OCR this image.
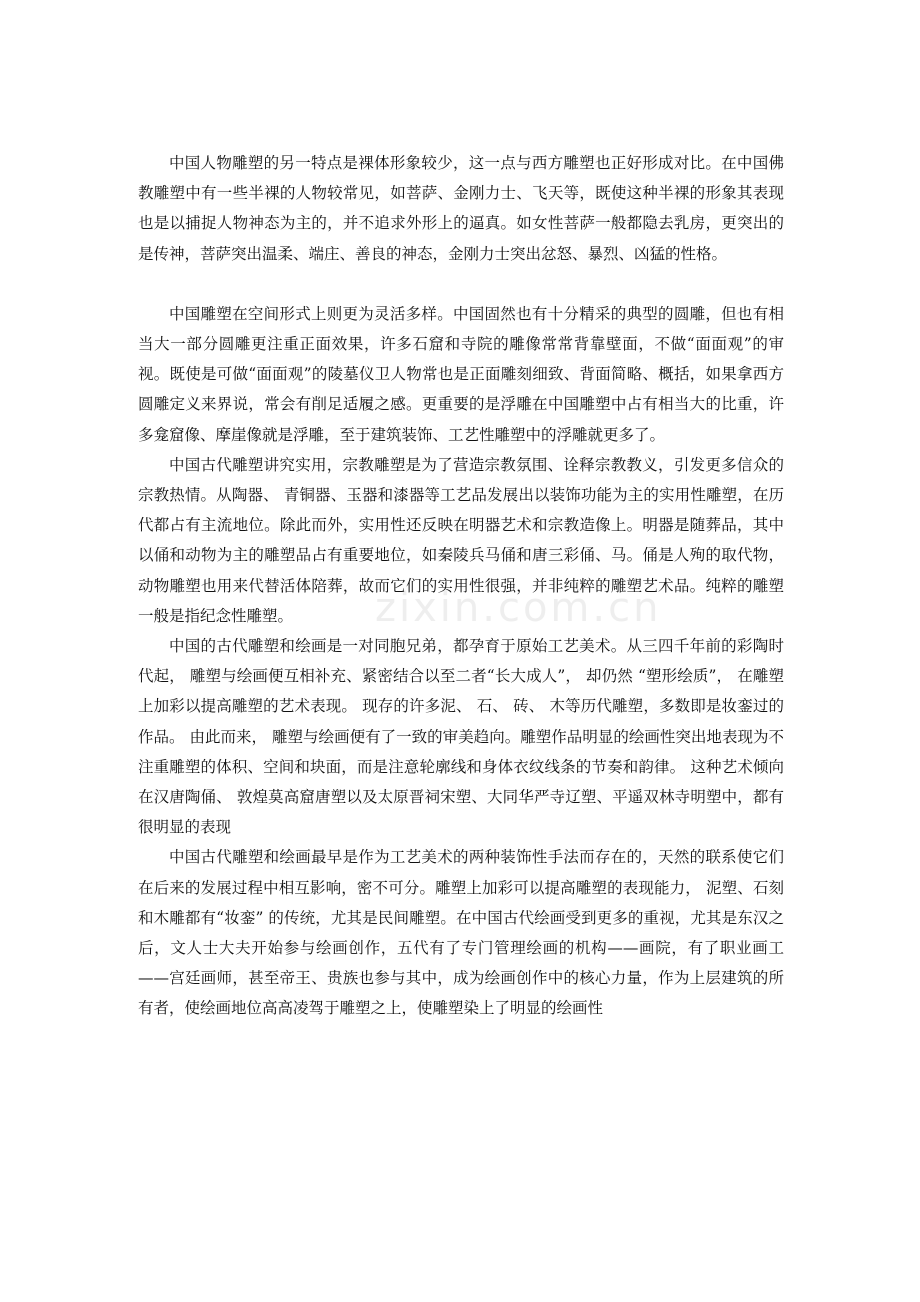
中国人物雕塑的另一特点是裸体形象较少，这一点与西方雕塑也正好形成对比。在中国佛教雕塑中有一些半裸的人物较常见，如菩萨、金刚力士、飞天等，既使这种半裸的形象其表现也是以捕捉人物神态为主的，并不追求外形上的逼真。如女性菩萨一般都隐去乳房，更突出的是传神，菩萨突出温柔、端庄、善良的神态，金刚力士突出忿怒、暴烈、凶猛的性格。

中国雕塑在空间形式上则更为灵活多样。中国固然也有十分精采的典型的圆雕，但也有相当大一部分圆雕更注重正面效果，许多石窟和寺院的雕像常常背靠壁面，不做“面面观”的审视。既使是可做“面面观”的陵墓仪卫人物常也是正面雕刻细致、背面简略、概括，如果拿西方圆雕定义来界说，常会有削足适履之感。更重要的是浮雕在中国雕塑中占有相当大的比重，许多龛窟像、摩崖像就是浮雕，至于建筑装饰、工艺性雕塑中的浮雕就更多了。

中国古代雕塑讲究实用，宗教雕塑是为了营造宗教氛围、诠释宗教教义，引发更多信众的宗教热情。从陶器、 青铜器、玉器和漆器等工艺品发展出以装饰功能为主的实用性雕塑，在历代都占有主流地位。除此而外，实用性还反映在明器艺术和宗教造像上。明器是随葬品，其中以俑和动物为主的雕塑品占有重要地位，如秦陵兵马俑和唐三彩俑、马。俑是人殉的取代物，动物雕塑也用来代替活体陪葬，故而它们的实用性很强，并非纯粹的雕塑艺术品。纯粹的雕塑一般是指纪念性雕塑。

中国的古代雕塑和绘画是一对同胞兄弟，都孕育于原始工艺美术。从三四千年前的彩陶时代起， 雕塑与绘画便互相补充、紧密结合以至二者“长大成人”， 却仍然 “塑形绘质”， 在雕塑上加彩以提高雕塑的艺术表现。 现存的许多泥、 石、 砖、 木等历代雕塑，多数即是妆銮过的作品。 由此而来， 雕塑与绘画便有了一致的审美趋向。雕塑作品明显的绘画性突出地表现为不注重雕塑的体积、空间和块面，而是注意轮廓线和身体衣纹线条的节奏和韵律。 这种艺术倾向在汉唐陶俑、 敦煌莫高窟唐塑以及太原晋祠宋塑、大同华严寺辽塑、平遥双林寺明塑中，都有很明显的表现

中国古代雕塑和绘画最早是作为工艺美术的两种装饰性手法而存在的，天然的联系使它们在后来的发展过程中相互影响，密不可分。雕塑上加彩可以提高雕塑的表现能力， 泥塑、石刻和木雕都有“妆銮” 的传统，尤其是民间雕塑。在中国古代绘画受到更多的重视，尤其是东汉之后，文人士大夫开始参与绘画创作，五代有了专门管理绘画的机构——画院，有了职业画工——宫廷画师，甚至帝王、贵族也参与其中，成为绘画创作中的核心力量，作为上层建筑的所有者，使绘画地位高高凌驾于雕塑之上，使雕塑染上了明显的绘画性

zixin.com.cn
